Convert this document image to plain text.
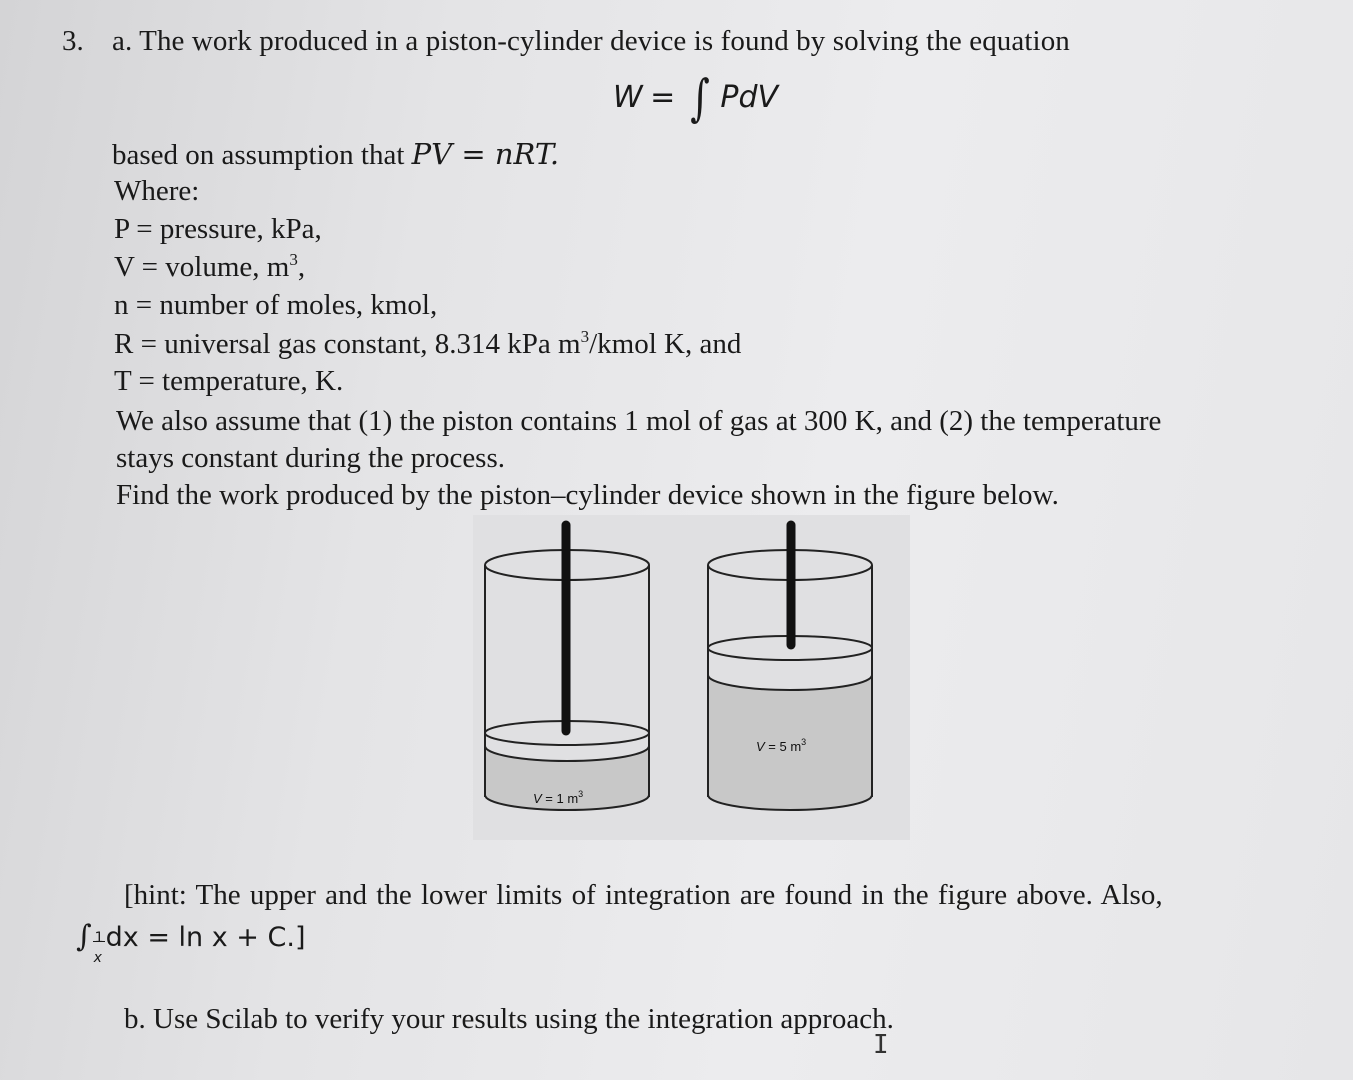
3. a. The work produced in a piston-cylinder device is found by solving the equation
W = ∫ PdV
based on assumption that PV = nRT.
Where:
P = pressure, kPa,
V = volume, $m^3$,
n = number of moles, kmol,
R = universal gas constant, 8.314 kPa $m^3$/kmol K, and
T = temperature, K.
We also assume that (1) the piston contains 1 mol of gas at 300 K, and (2) the temperature
stays constant during the process.
Find the work produced by the piston–cylinder device shown in the figure below.
V = 1 $m^3$
V = 5 $m^3$
[hint: The upper and the lower limits of integration are found in the figure above. Also,
∫ 1
x
dx = ln x + C.]
b. Use Scilab to verify your results using the integration approach.
I
